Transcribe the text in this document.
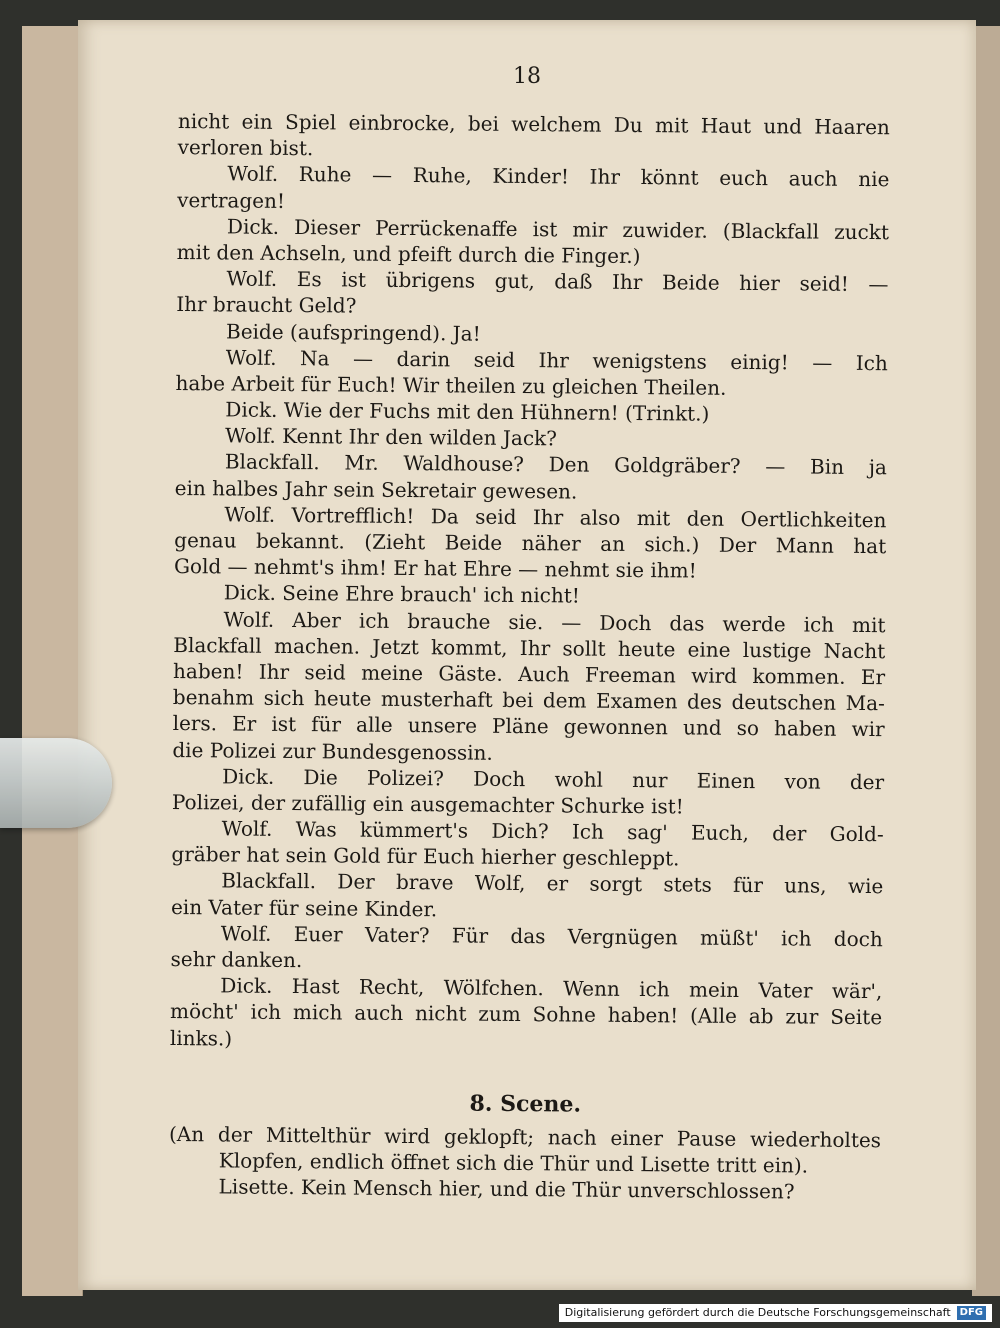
18
nicht ein Spiel einbrocke, bei welchem Du mit Haut und Haaren
verloren bist.
Wolf. Ruhe — Ruhe, Kinder! Ihr könnt euch auch nie
vertragen!
Dick. Dieser Perrückenaffe ist mir zuwider. (Blackfall zuckt
mit den Achseln, und pfeift durch die Finger.)
Wolf. Es ist übrigens gut, daß Ihr Beide hier seid! —
Ihr braucht Geld?
Beide (aufspringend). Ja!
Wolf. Na — darin seid Ihr wenigstens einig! — Ich
habe Arbeit für Euch! Wir theilen zu gleichen Theilen.
Dick. Wie der Fuchs mit den Hühnern! (Trinkt.)
Wolf. Kennt Ihr den wilden Jack?
Blackfall. Mr. Waldhouse? Den Goldgräber? — Bin ja
ein halbes Jahr sein Sekretair gewesen.
Wolf. Vortrefflich! Da seid Ihr also mit den Oertlichkeiten
genau bekannt. (Zieht Beide näher an sich.) Der Mann hat
Gold — nehmt's ihm! Er hat Ehre — nehmt sie ihm!
Dick. Seine Ehre brauch' ich nicht!
Wolf. Aber ich brauche sie. — Doch das werde ich mit
Blackfall machen. Jetzt kommt, Ihr sollt heute eine lustige Nacht
haben! Ihr seid meine Gäste. Auch Freeman wird kommen. Er
benahm sich heute musterhaft bei dem Examen des deutschen Ma-
lers. Er ist für alle unsere Pläne gewonnen und so haben wir
die Polizei zur Bundesgenossin.
Dick. Die Polizei? Doch wohl nur Einen von der
Polizei, der zufällig ein ausgemachter Schurke ist!
Wolf. Was kümmert's Dich? Ich sag' Euch, der Gold-
gräber hat sein Gold für Euch hierher geschleppt.
Blackfall. Der brave Wolf, er sorgt stets für uns, wie
ein Vater für seine Kinder.
Wolf. Euer Vater? Für das Vergnügen müßt' ich doch
sehr danken.
Dick. Hast Recht, Wölfchen. Wenn ich mein Vater wär',
möcht' ich mich auch nicht zum Sohne haben! (Alle ab zur Seite
links.)
8. Scene.
(An der Mittelthür wird geklopft; nach einer Pause wiederholtes
Klopfen, endlich öffnet sich die Thür und Lisette tritt ein).
Lisette. Kein Mensch hier, und die Thür unverschlossen?
Digitalisierung gefördert durch die Deutsche Forschungsgemeinschaft DFG
